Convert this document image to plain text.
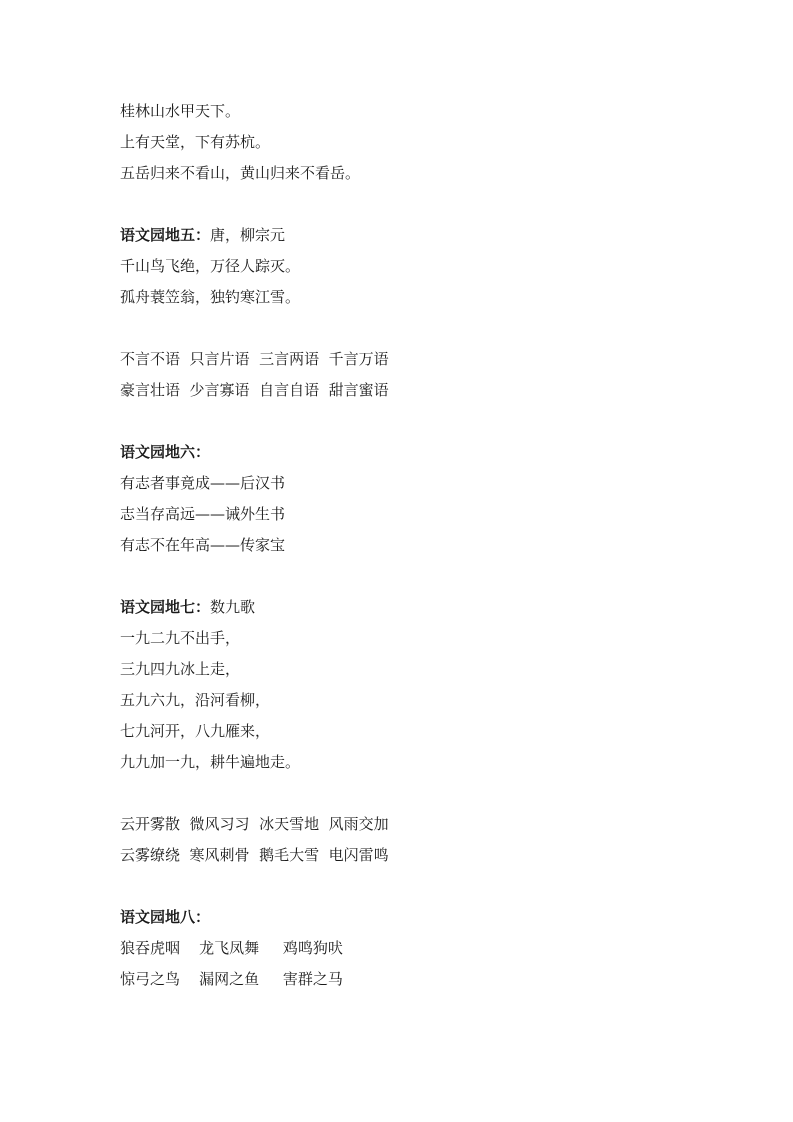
桂林山水甲天下。
上有天堂，下有苏杭。
五岳归来不看山，黄山归来不看岳。
语文园地五：唐，柳宗元
千山鸟飞绝，万径人踪灭。
孤舟蓑笠翁，独钓寒江雪。
不言不语  只言片语  三言两语  千言万语
豪言壮语  少言寡语  自言自语  甜言蜜语
语文园地六：
有志者事竟成——后汉书
志当存高远——诫外生书
有志不在年高——传家宝
语文园地七：数九歌
一九二九不出手，
三九四九冰上走，
五九六九，沿河看柳，
七九河开，八九雁来，
九九加一九，耕牛遍地走。
云开雾散  微风习习  冰天雪地  风雨交加
云雾缭绕  寒风刺骨  鹅毛大雪  电闪雷鸣
语文园地八：
狼吞虎咽    龙飞凤舞     鸡鸣狗吠
惊弓之鸟    漏网之鱼     害群之马
